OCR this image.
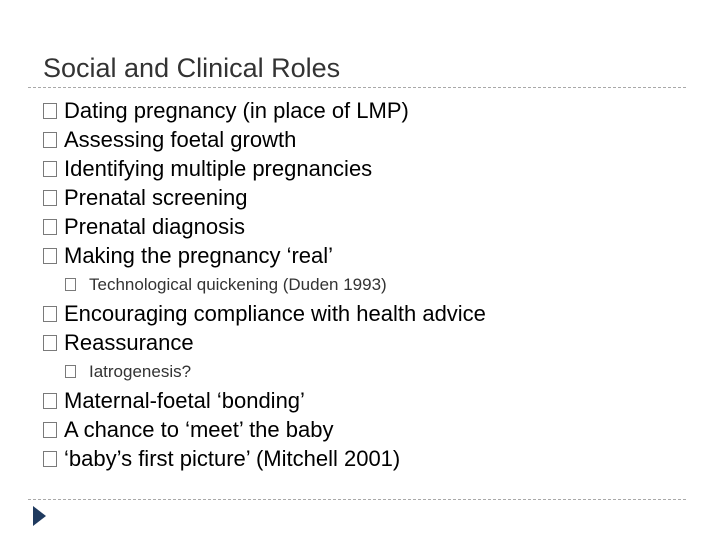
Social and Clinical Roles
Dating pregnancy (in place of LMP)
Assessing foetal growth
Identifying multiple pregnancies
Prenatal screening
Prenatal diagnosis
Making the pregnancy ‘real’
Technological quickening (Duden 1993)
Encouraging compliance with health advice
Reassurance
Iatrogenesis?
Maternal-foetal ‘bonding’
A chance to ‘meet’ the baby
‘baby’s first picture’ (Mitchell 2001)
